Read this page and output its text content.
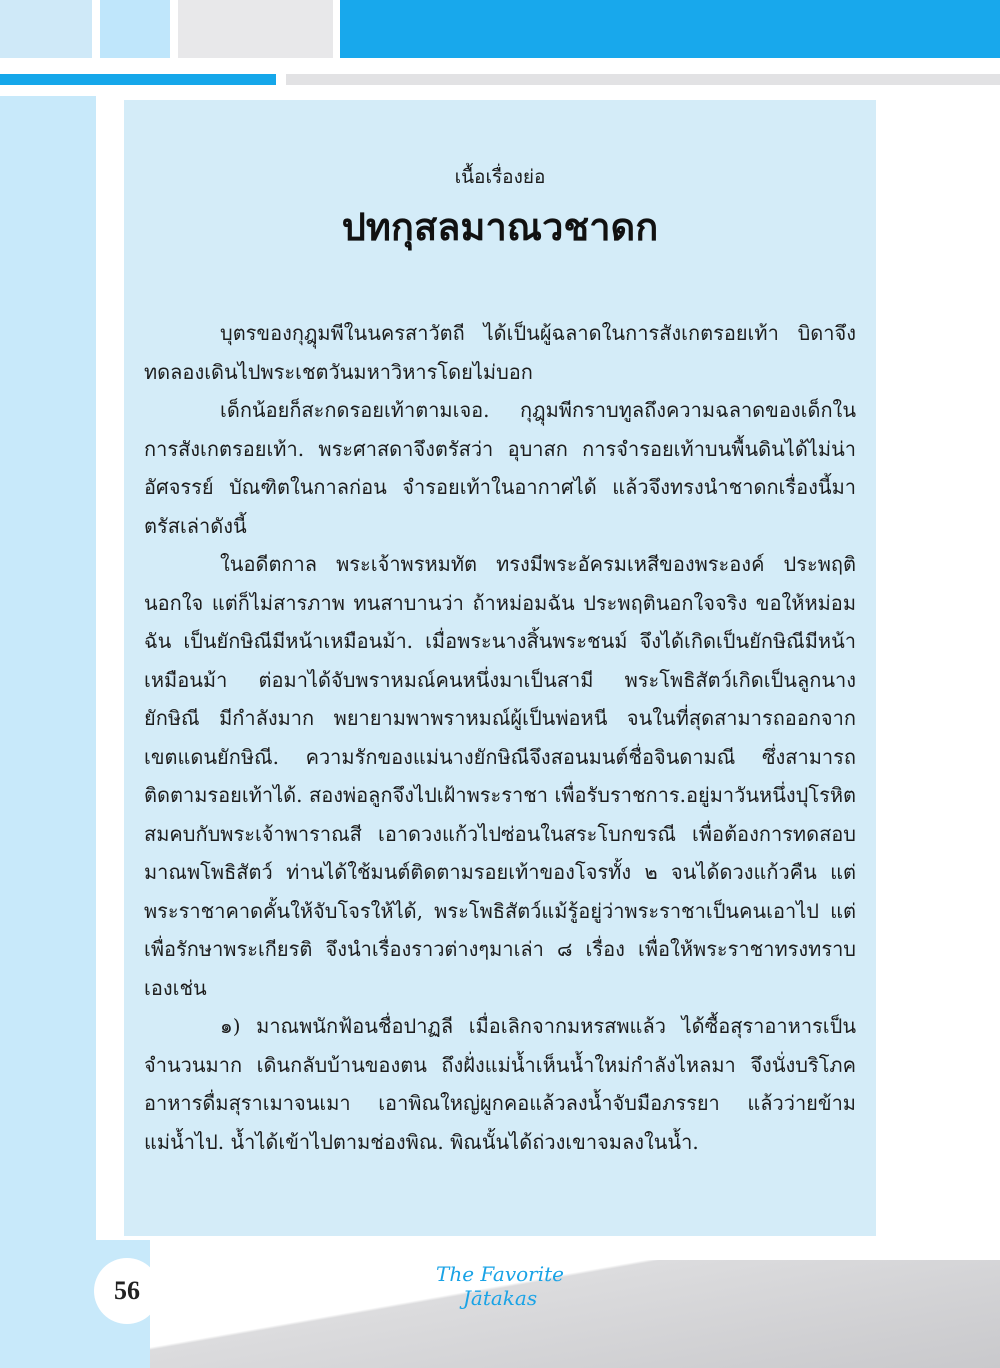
เนื้อเรื่องย่อ
ปทกุสลมาณวชาดก

บุตรของกุฎุมพีในนครสาวัตถี ได้เป็นผู้ฉลาดในการสังเกตรอยเท้า บิดาจึงทดลองเดินไปพระเชตวันมหาวิหารโดยไม่บอก

เด็กน้อยก็สะกดรอยเท้าตามเจอ. กุฎุมพีกราบทูลถึงความฉลาดของเด็กในการสังเกตรอยเท้า. พระศาสดาจึงตรัสว่า อุบาสก การจำรอยเท้าบนพื้นดินได้ไม่น่าอัศจรรย์ บัณฑิตในกาลก่อน จำรอยเท้าในอากาศได้ แล้วจึงทรงนำชาดกเรื่องนี้มาตรัสเล่าดังนี้

ในอดีตกาล พระเจ้าพรหมทัต ทรงมีพระอัครมเหสีของพระองค์ ประพฤตินอกใจ แต่ก็ไม่สารภาพ ทนสาบานว่า ถ้าหม่อมฉัน ประพฤตินอกใจจริง ขอให้หม่อมฉัน เป็นยักษิณีมีหน้าเหมือนม้า. เมื่อพระนางสิ้นพระชนม์ จึงได้เกิดเป็นยักษิณีมีหน้าเหมือนม้า ต่อมาได้จับพราหมณ์คนหนึ่งมาเป็นสามี พระโพธิสัตว์เกิดเป็นลูกนางยักษิณี มีกำลังมาก พยายามพาพราหมณ์ผู้เป็นพ่อหนี จนในที่สุดสามารถออกจากเขตแดนยักษิณี. ความรักของแม่นางยักษิณีจึงสอนมนต์ชื่อจินดามณี ซึ่งสามารถติดตามรอยเท้าได้. สองพ่อลูกจึงไปเฝ้าพระราชา เพื่อรับราชการ.อยู่มาวันหนึ่งปุโรหิตสมคบกับพระเจ้าพาราณสี เอาดวงแก้วไปซ่อนในสระโบกขรณี เพื่อต้องการทดสอบมาณพโพธิสัตว์ ท่านได้ใช้มนต์ติดตามรอยเท้าของโจรทั้ง ๒ จนได้ดวงแก้วคืน แต่พระราชาคาดคั้นให้จับโจรให้ได้, พระโพธิสัตว์แม้รู้อยู่ว่าพระราชาเป็นคนเอาไป แต่เพื่อรักษาพระเกียรติ จึงนำเรื่องราวต่างๆมาเล่า ๘ เรื่อง เพื่อให้พระราชาทรงทราบเองเช่น

๑) มาณพนักฟ้อนชื่อปาฏลี เมื่อเลิกจากมหรสพแล้ว ได้ซื้อสุราอาหารเป็นจำนวนมาก เดินกลับบ้านของตน ถึงฝั่งแม่น้ำเห็นน้ำใหม่กำลังไหลมา จึงนั่งบริโภคอาหารดื่มสุราเมาจนเมา เอาพิณใหญ่ผูกคอแล้วลงน้ำจับมือภรรยา แล้วว่ายข้ามแม่น้ำไป. น้ำได้เข้าไปตามช่องพิณ. พิณนั้นได้ถ่วงเขาจมลงในน้ำ.

56
The Favorite Jātakas
